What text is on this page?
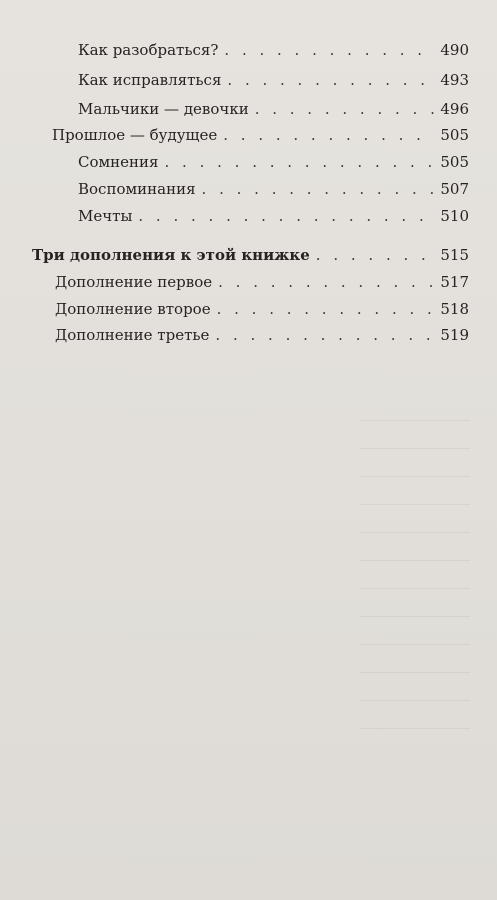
Как разобраться? . . .	490
Как исправляться . . .	493
Мальчики — девочки . . .	496
Прошлое — будущее . . .	505
Сомнения . . .	505
Воспоминания . . .	507
Мечты . . .	510
Три дополнения к этой книжке . . .	515
Дополнение первое . . .	517
Дополнение второе . . .	518
Дополнение третье . . .	519
